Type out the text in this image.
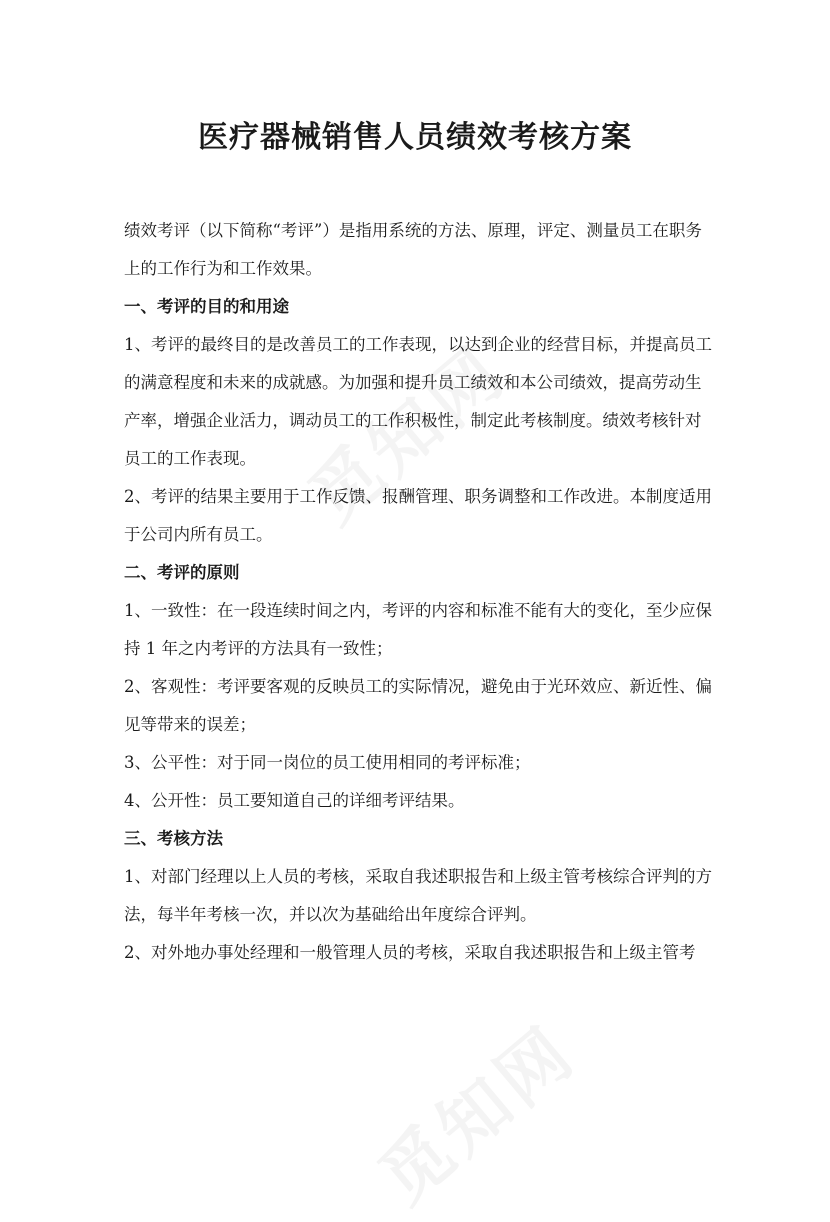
医疗器械销售人员绩效考核方案

绩效考评（以下简称“考评”）是指用系统的方法、原理，评定、测量员工在职务上的工作行为和工作效果。

一、考评的目的和用途

1、考评的最终目的是改善员工的工作表现，以达到企业的经营目标，并提高员工的满意程度和未来的成就感。为加强和提升员工绩效和本公司绩效，提高劳动生产率，增强企业活力，调动员工的工作积极性，制定此考核制度。绩效考核针对员工的工作表现。

2、考评的结果主要用于工作反馈、报酬管理、职务调整和工作改进。本制度适用于公司内所有员工。

二、考评的原则

1、一致性：在一段连续时间之内，考评的内容和标准不能有大的变化，至少应保持 1 年之内考评的方法具有一致性；

2、客观性：考评要客观的反映员工的实际情况，避免由于光环效应、新近性、偏见等带来的误差；

3、公平性：对于同一岗位的员工使用相同的考评标准；

4、公开性：员工要知道自己的详细考评结果。

三、考核方法

1、对部门经理以上人员的考核，采取自我述职报告和上级主管考核综合评判的方法，每半年考核一次，并以次为基础给出年度综合评判。

2、对外地办事处经理和一般管理人员的考核，采取自我述职报告和上级主管考
